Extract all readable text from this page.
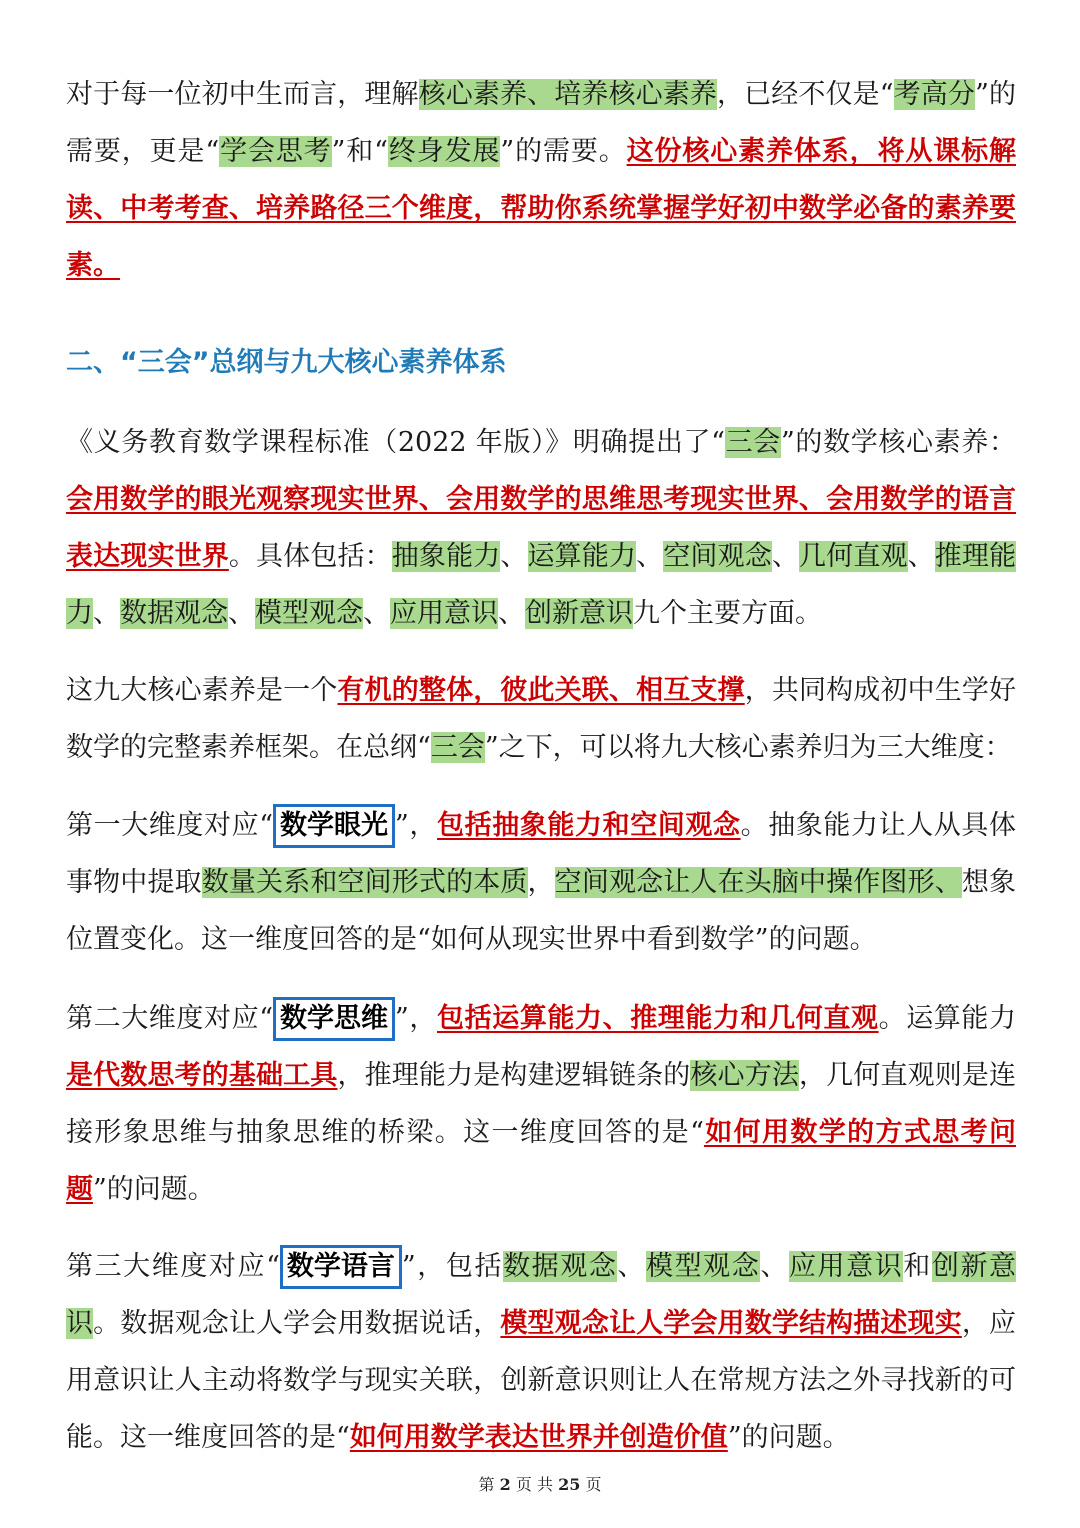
对于每一位初中生而言，理解核心素养、培养核心素养，已经不仅是“考高分”的需要，更是“学会思考”和“终身发展”的需要。这份核心素养体系，将从课标解读、中考考查、培养路径三个维度，帮助你系统掌握学好初中数学必备的素养要素。

二、“三会”总纲与九大核心素养体系

《义务教育数学课程标准（2022 年版）》明确提出了“三会”的数学核心素养：会用数学的眼光观察现实世界、会用数学的思维思考现实世界、会用数学的语言表达现实世界。具体包括：抽象能力、运算能力、空间观念、几何直观、推理能力、数据观念、模型观念、应用意识、创新意识九个主要方面。

这九大核心素养是一个有机的整体，彼此关联、相互支撑，共同构成初中生学好数学的完整素养框架。在总纲“三会”之下，可以将九大核心素养归为三大维度：

第一大维度对应“ 数学眼光 ”，包括抽象能力和空间观念。抽象能力让人从具体事物中提取数量关系和空间形式的本质，空间观念让人在头脑中操作图形、想象位置变化。这一维度回答的是“如何从现实世界中看到数学”的问题。

第二大维度对应“ 数学思维 ”，包括运算能力、推理能力和几何直观。运算能力是代数思考的基础工具，推理能力是构建逻辑链条的核心方法，几何直观则是连接形象思维与抽象思维的桥梁。这一维度回答的是“如何用数学的方式思考问题”的问题。

第三大维度对应“ 数学语言 ”，包括数据观念、模型观念、应用意识和创新意识。数据观念让人学会用数据说话，模型观念让人学会用数学结构描述现实，应用意识让人主动将数学与现实关联，创新意识则让人在常规方法之外寻找新的可能。这一维度回答的是“如何用数学表达世界并创造价值”的问题。

第 2 页 共 25 页
